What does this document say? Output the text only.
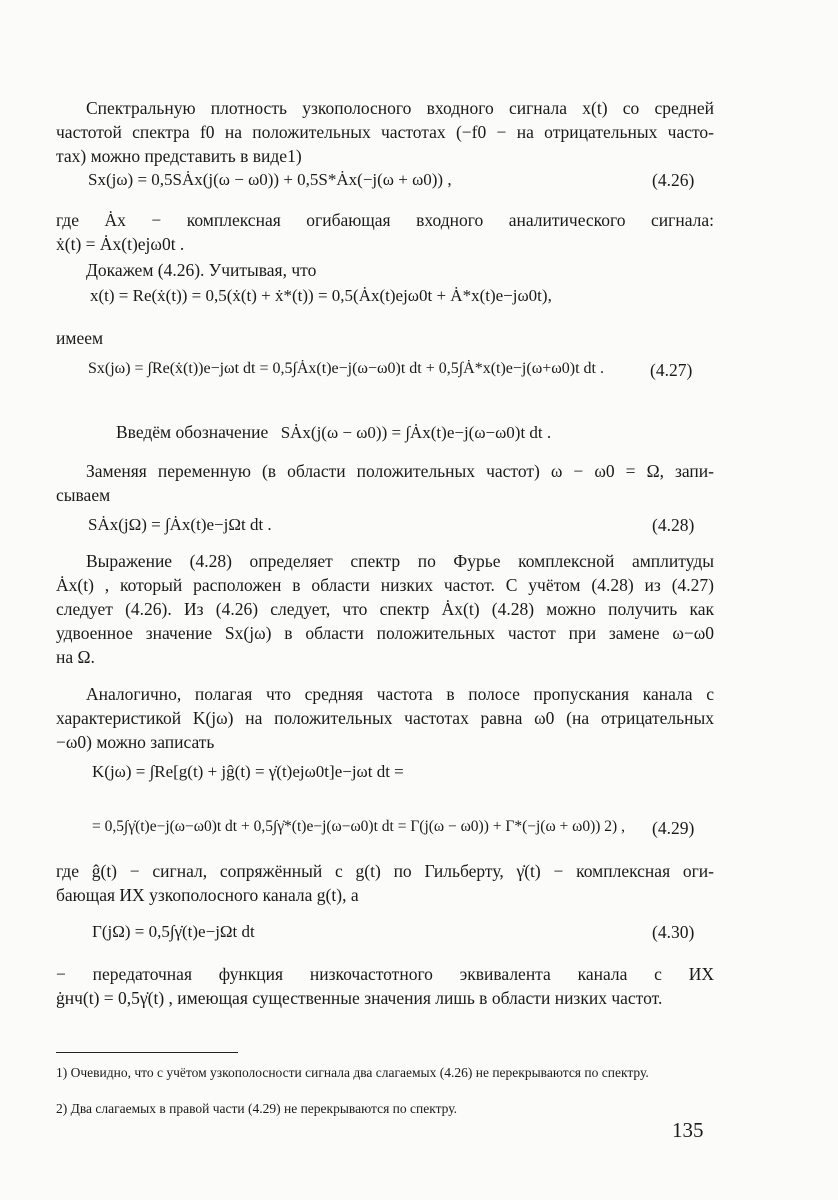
Спектральную плотность узкополосного входного сигнала x(t) со средней
частотой спектра f0 на положительных частотах (−f0 − на отрицательных часто-
тах) можно представить в виде1)
Sx(jω) = 0,5SȦx(j(ω − ω0)) + 0,5S*Ȧx(−j(ω + ω0)) ,	(4.26)
где Ȧx − комплексная огибающая входного аналитического сигнала:
ẋ(t) = Ȧx(t)ejω0t .
Докажем (4.26). Учитывая, что
x(t) = Re(ẋ(t)) = 0,5(ẋ(t) + ẋ*(t)) = 0,5(Ȧx(t)ejω0t + Ȧ*x(t)e−jω0t),
имеем
Sx(jω) = ∫Re(ẋ(t))e−jωt dt = 0,5∫Ȧx(t)e−j(ω−ω0)t dt + 0,5∫Ȧ*x(t)e−j(ω+ω0)t dt .	(4.27)
Введём обозначение SȦx(j(ω − ω0)) = ∫Ȧx(t)e−j(ω−ω0)t dt .
Заменяя переменную (в области положительных частот) ω − ω0 = Ω, запи-
сываем
SȦx(jΩ) = ∫Ȧx(t)e−jΩt dt .	(4.28)
Выражение (4.28) определяет спектр по Фурье комплексной амплитуды
Ȧx(t) , который расположен в области низких частот. С учётом (4.28) из (4.27)
следует (4.26). Из (4.26) следует, что спектр Ȧx(t) (4.28) можно получить как
удвоенное значение Sx(jω) в области положительных частот при замене ω−ω0
на Ω.
Аналогично, полагая что средняя частота в полосе пропускания канала с
характеристикой K(jω) на положительных частотах равна ω0 (на отрицательных
−ω0) можно записать
K(jω) = ∫Re[g(t) + jĝ(t) = γ̇(t)ejω0t]e−jωt dt =
= 0,5∫γ̇(t)e−j(ω−ω0)t dt + 0,5∫γ̇*(t)e−j(ω−ω0)t dt = Γ(j(ω − ω0)) + Γ*(−j(ω + ω0)) 2) , (4.29)
где ĝ(t) − сигнал, сопряжённый с g(t) по Гильберту, γ̇(t) − комплексная оги-
бающая ИХ узкополосного канала g(t), а
Γ(jΩ) = 0,5∫γ̇(t)e−jΩt dt	(4.30)
− передаточная функция низкочастотного эквивалента канала с ИХ
ġнч(t) = 0,5γ̇(t) , имеющая существенные значения лишь в области низких частот.
1) Очевидно, что с учётом узкополосности сигнала два слагаемых (4.26) не перекрываются по спектру.
2) Два слагаемых в правой части (4.29) не перекрываются по спектру.
135
